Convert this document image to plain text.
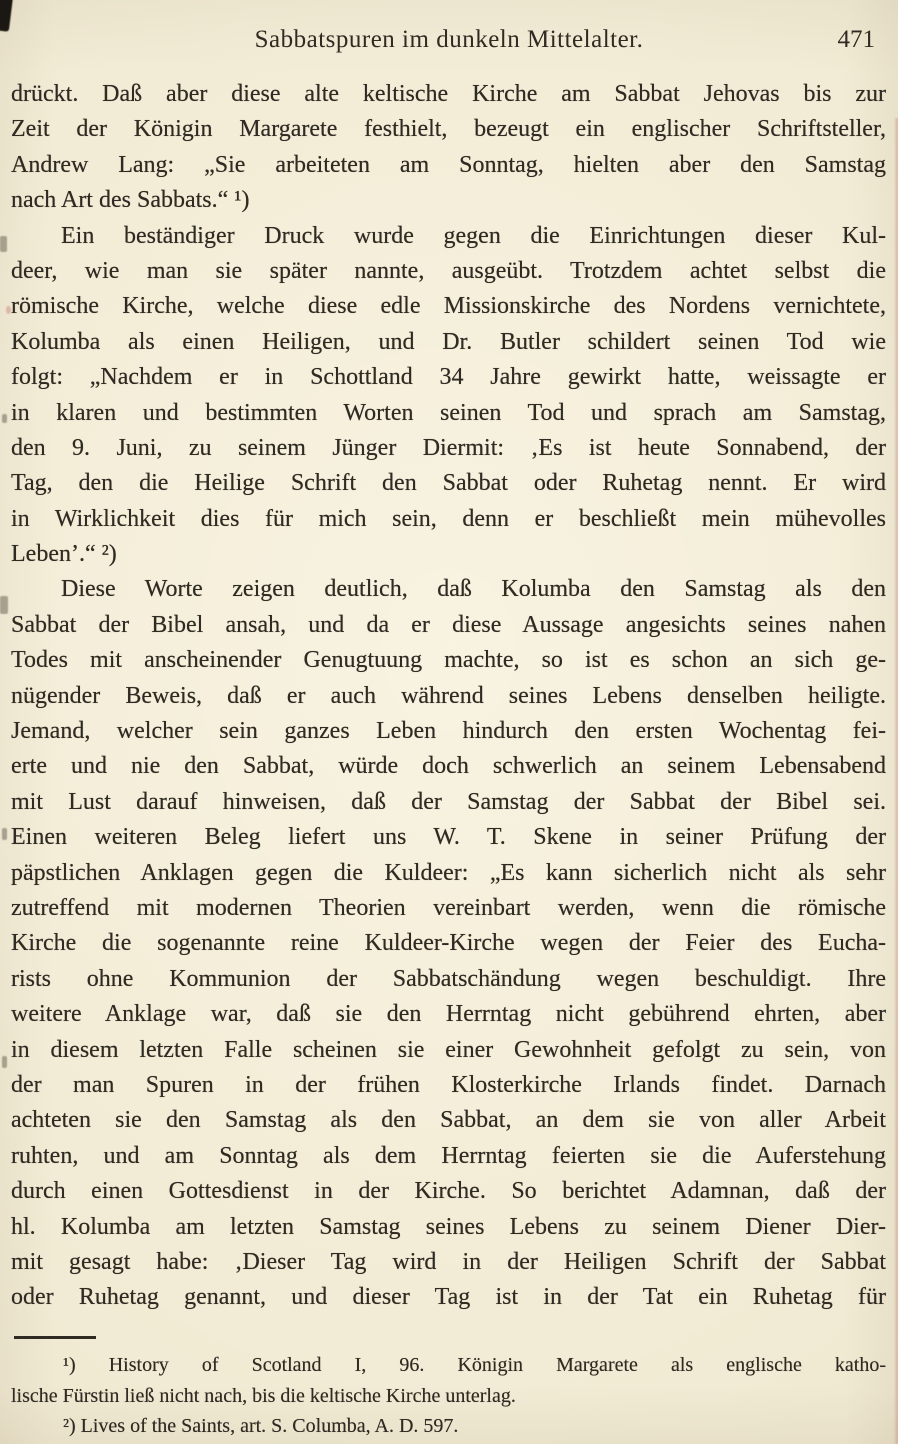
Sabbatspuren im dunkeln Mittelalter.	471
drückt. Daß aber diese alte keltische Kirche am Sabbat Jehovas bis zur
Zeit der Königin Margarete festhielt, bezeugt ein englischer Schriftsteller,
Andrew Lang: „Sie arbeiteten am Sonntag, hielten aber den Samstag
nach Art des Sabbats.“ ¹)
Ein beständiger Druck wurde gegen die Einrichtungen dieser Kul-
deer, wie man sie später nannte, ausgeübt. Trotzdem achtet selbst die
römische Kirche, welche diese edle Missionskirche des Nordens vernichtete,
Kolumba als einen Heiligen, und Dr. Butler schildert seinen Tod wie
folgt: „Nachdem er in Schottland 34 Jahre gewirkt hatte, weissagte er
in klaren und bestimmten Worten seinen Tod und sprach am Samstag,
den 9. Juni, zu seinem Jünger Diermit: ‚Es ist heute Sonnabend, der
Tag, den die Heilige Schrift den Sabbat oder Ruhetag nennt. Er wird
in Wirklichkeit dies für mich sein, denn er beschließt mein mühevolles
Leben’.“ ²)
Diese Worte zeigen deutlich, daß Kolumba den Samstag als den
Sabbat der Bibel ansah, und da er diese Aussage angesichts seines nahen
Todes mit anscheinender Genugtuung machte, so ist es schon an sich ge-
nügender Beweis, daß er auch während seines Lebens denselben heiligte.
Jemand, welcher sein ganzes Leben hindurch den ersten Wochentag fei-
erte und nie den Sabbat, würde doch schwerlich an seinem Lebensabend
mit Lust darauf hinweisen, daß der Samstag der Sabbat der Bibel sei.
Einen weiteren Beleg liefert uns W. T. Skene in seiner Prüfung der
päpstlichen Anklagen gegen die Kuldeer: „Es kann sicherlich nicht als sehr
zutreffend mit modernen Theorien vereinbart werden, wenn die römische
Kirche die sogenannte reine Kuldeer-Kirche wegen der Feier des Eucha-
rists ohne Kommunion der Sabbatschändung wegen beschuldigt. Ihre
weitere Anklage war, daß sie den Herrntag nicht gebührend ehrten, aber
in diesem letzten Falle scheinen sie einer Gewohnheit gefolgt zu sein, von
der man Spuren in der frühen Klosterkirche Irlands findet. Darnach
achteten sie den Samstag als den Sabbat, an dem sie von aller Arbeit
ruhten, und am Sonntag als dem Herrntag feierten sie die Auferstehung
durch einen Gottesdienst in der Kirche. So berichtet Adamnan, daß der
hl. Kolumba am letzten Samstag seines Lebens zu seinem Diener Dier-
mit gesagt habe: ‚Dieser Tag wird in der Heiligen Schrift der Sabbat
oder Ruhetag genannt, und dieser Tag ist in der Tat ein Ruhetag für
¹) History of Scotland I, 96. Königin Margarete als englische katho-
lische Fürstin ließ nicht nach, bis die keltische Kirche unterlag.
²) Lives of the Saints, art. S. Columba, A. D. 597.
